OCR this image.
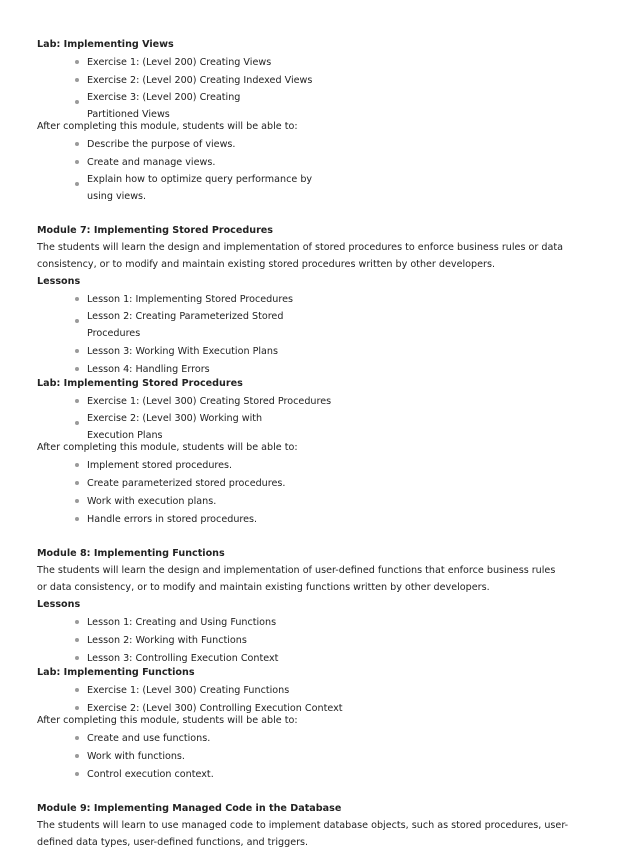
Lab: Implementing Views

Exercise 1: (Level 200) Creating Views
Exercise 2: (Level 200) Creating Indexed Views
Exercise 3: (Level 200) Creating Partitioned Views

After completing this module, students will be able to:

Describe the purpose of views.
Create and manage views.
Explain how to optimize query performance by using views.

Module 7: Implementing Stored Procedures

The students will learn the design and implementation of stored procedures to enforce business rules or data consistency, or to modify and maintain existing stored procedures written by other developers.

Lessons

Lesson 1: Implementing Stored Procedures
Lesson 2: Creating Parameterized Stored Procedures
Lesson 3: Working With Execution Plans
Lesson 4: Handling Errors

Lab: Implementing Stored Procedures

Exercise 1: (Level 300) Creating Stored Procedures
Exercise 2: (Level 300) Working with Execution Plans

After completing this module, students will be able to:

Implement stored procedures.
Create parameterized stored procedures.
Work with execution plans.
Handle errors in stored procedures.

Module 8: Implementing Functions

The students will learn the design and implementation of user-defined functions that enforce business rules or data consistency, or to modify and maintain existing functions written by other developers.

Lessons

Lesson 1: Creating and Using Functions
Lesson 2: Working with Functions
Lesson 3: Controlling Execution Context

Lab: Implementing Functions

Exercise 1: (Level 300) Creating Functions
Exercise 2: (Level 300) Controlling Execution Context

After completing this module, students will be able to:

Create and use functions.
Work with functions.
Control execution context.

Module 9: Implementing Managed Code in the Database

The students will learn to use managed code to implement database objects, such as stored procedures, user-defined data types, user-defined functions, and triggers.
